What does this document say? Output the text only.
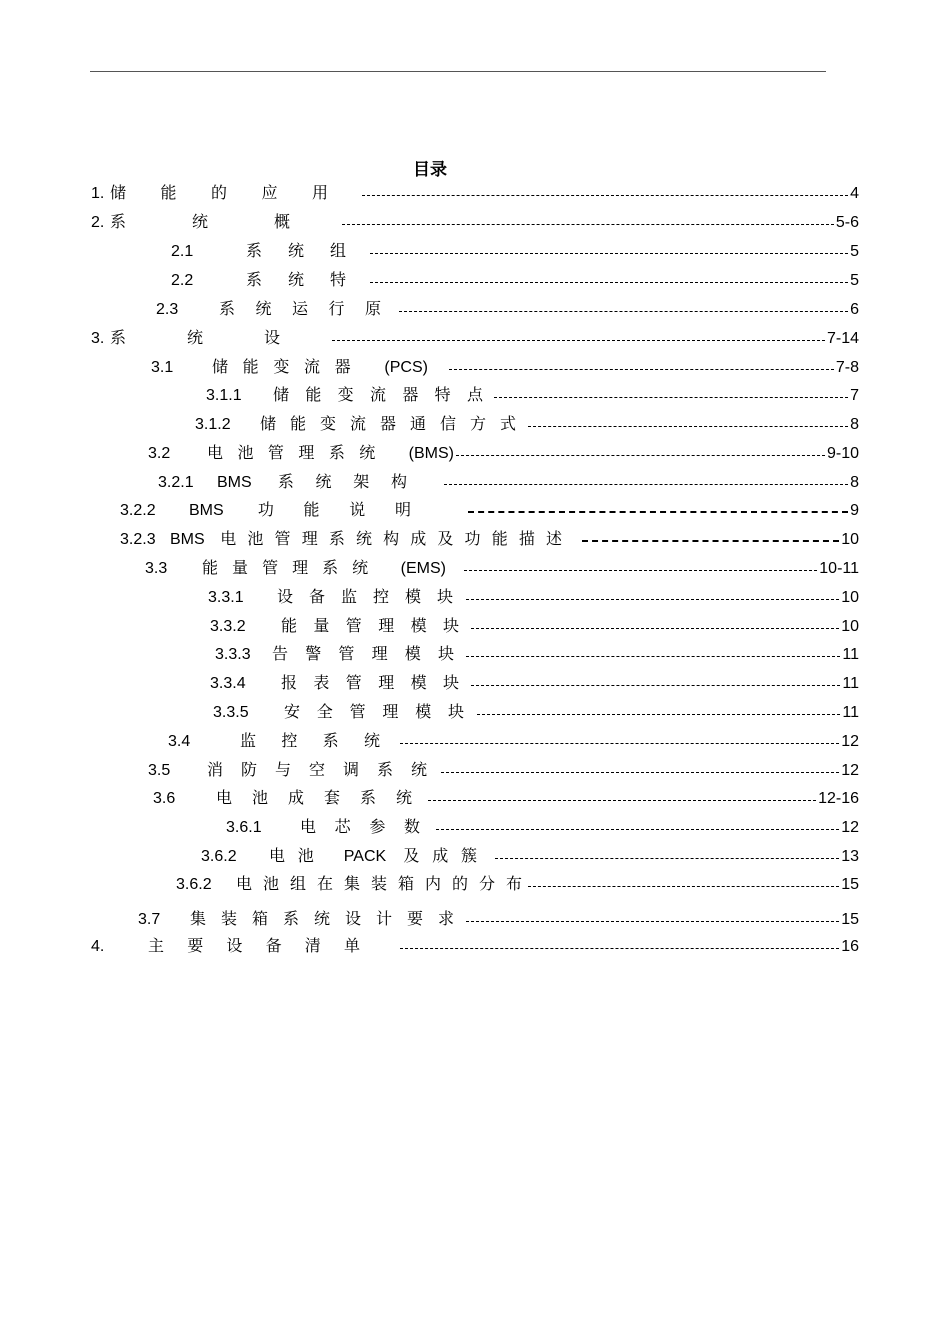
目录
1. 储能的应用	4
2. 系统概	5-6
2.1	系统组	5
2.2	系统特	5
2.3	系统运行原	6
3. 系统设	7-14
3.1	储能变流器 (PCS)	7-8
3.1.1	储能变流器特点	7
3.1.2	储能变流器通信方式	8
3.2	电池管理系统 (BMS)	9-10
3.2.1	BMS 系统架构	8
3.2.2	BMS 功能说明	9
3.2.3 BMS 电池管理系统构成及功能描述	10
3.3	能量管理系统 (EMS)	10-11
3.3.1	设备监控模块	10
3.3.2	能量管理模块	10
3.3.3	告警管理模块	11
3.3.4	报表管理模块	11
3.3.5	安全管理模块	11
3.4	监控系统	12
3.5	消防与空调系统	12
3.6	电池成套系统	12-16
3.6.1	电芯参数	12
3.6.2	电池 PACK 及成簇	13
3.6.2	电池组在集装箱内的分布	15
3.7	集装箱系统设计要求	15
4.	主要设备清单	16
